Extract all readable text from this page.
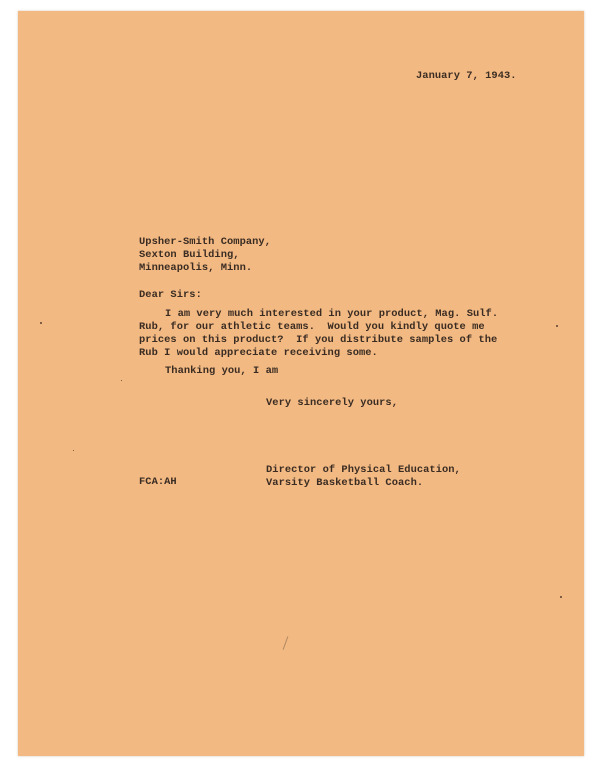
January 7, 1943.

Upsher-Smith Company,

Sexton Building,

Minneapolis, Minn.

Dear Sirs:

I am very much interested in your product, Mag. Sulf.

Rub, for our athletic teams.  Would you kindly quote me

prices on this product?  If you distribute samples of the

Rub I would appreciate receiving some.

Thanking you, I am

Very sincerely yours,

Director of Physical Education,

Varsity Basketball Coach.

FCA:AH
